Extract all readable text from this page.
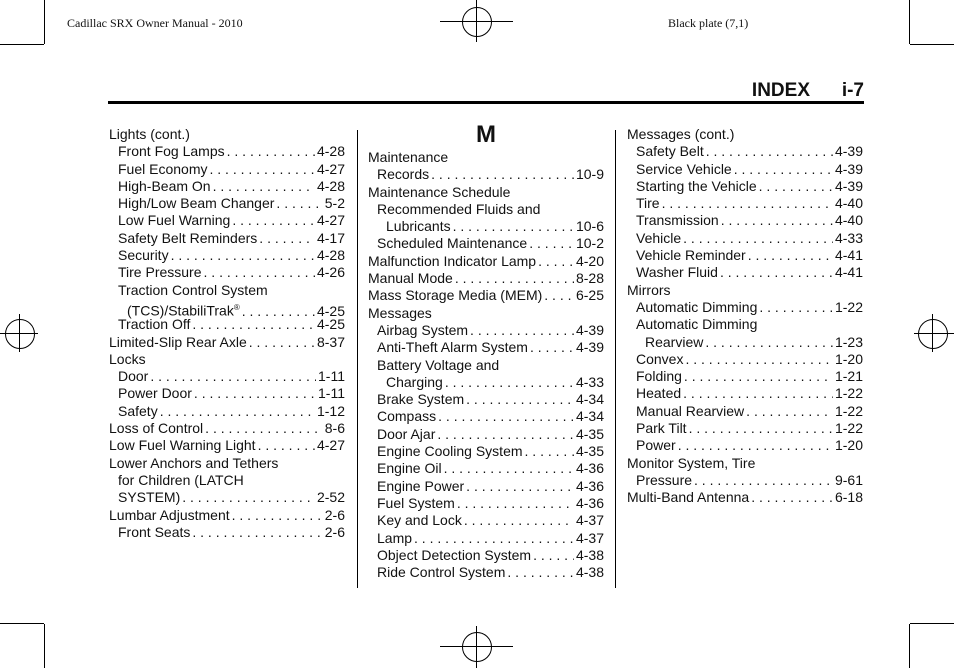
Cadillac SRX Owner Manual - 2010	Black plate (7,1)
INDEX i-7
Lights (cont.)
Front Fog Lamps . . .	4-28
Fuel Economy . . .	4-27
High-Beam On . . .	4-28
High/Low Beam Changer . . .	5-2
Low Fuel Warning . . .	4-27
Safety Belt Reminders . . .	4-17
Security . . .	4-28
Tire Pressure . . .	4-26
Traction Control System
(TCS)/StabiliTrak® . . .	4-25
Traction Off . . .	4-25
Limited-Slip Rear Axle . . .	8-37
Locks
Door . . .	1-11
Power Door . . .	1-11
Safety . . .	1-12
Loss of Control . . .	8-6
Low Fuel Warning Light . . .	4-27
Lower Anchors and Tethers
for Children (LATCH
SYSTEM) . . .	2-52
Lumbar Adjustment . . .	2-6
Front Seats . . .	2-6
M
Maintenance
Records . . .	10-9
Maintenance Schedule
Recommended Fluids and
Lubricants . . .	10-6
Scheduled Maintenance . . .	10-2
Malfunction Indicator Lamp . . .	4-20
Manual Mode . . .	8-28
Mass Storage Media (MEM) . . . 6-25
Messages
Airbag System . . .	4-39
Anti-Theft Alarm System . . .	4-39
Battery Voltage and
Charging . . .	4-33
Brake System . . .	4-34
Compass . . .	4-34
Door Ajar . . .	4-35
Engine Cooling System . . .	4-35
Engine Oil . . .	4-36
Engine Power . . .	4-36
Fuel System . . .	4-36
Key and Lock . . .	4-37
Lamp . . .	4-37
Object Detection System . . .	4-38
Ride Control System . . .	4-38
Messages (cont.)
Safety Belt . . .	4-39
Service Vehicle . . .	4-39
Starting the Vehicle . . .	4-39
Tire . . .	4-40
Transmission . . .	4-40
Vehicle . . .	4-33
Vehicle Reminder . . .	4-41
Washer Fluid . . .	4-41
Mirrors
Automatic Dimming . . .	1-22
Automatic Dimming
Rearview . . .	1-23
Convex . . .	1-20
Folding . . .	1-21
Heated . . .	1-22
Manual Rearview . . .	1-22
Park Tilt . . .	1-22
Power . . .	1-20
Monitor System, Tire
Pressure . . .	9-61
Multi-Band Antenna . . .	6-18
